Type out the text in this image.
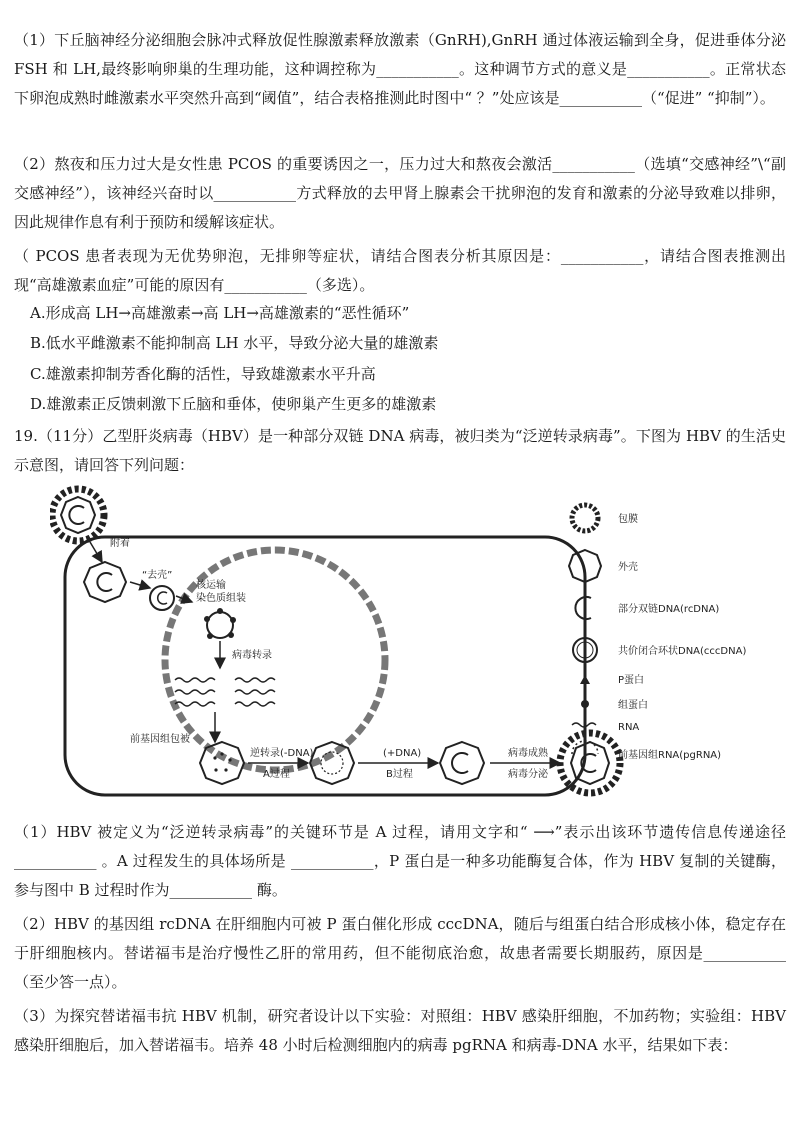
（1）下丘脑神经分泌细胞会脉冲式释放促性腺激素释放激素（GnRH),GnRH 通过体液运输到全身，促进垂体分泌 FSH 和 LH,最终影响卵巢的生理功能，这种调控称为___________。这种调节方式的意义是___________。正常状态下卵泡成熟时雌激素水平突然升高到“阈值”，结合表格推测此时图中“ ？”处应该是___________（“促进” “抑制”）。
（2）熬夜和压力过大是女性患 PCOS 的重要诱因之一，压力过大和熬夜会激活___________（选填“交感神经”\“副交感神经”），该神经兴奋时以___________方式释放的去甲肾上腺素会干扰卵泡的发育和激素的分泌导致难以排卵，因此规律作息有利于预防和缓解该症状。
（ PCOS 患者表现为无优势卵泡，无排卵等症状，请结合图表分析其原因是：___________，请结合图表推测出现“高雄激素血症”可能的原因有___________（多选）。
A.形成高 LH→高雄激素→高 LH→高雄激素的“恶性循环”
B.低水平雌激素不能抑制高 LH 水平，导致分泌大量的雄激素
C.雄激素抑制芳香化酶的活性，导致雄激素水平升高
D.雄激素正反馈刺激下丘脑和垂体，使卵巢产生更多的雄激素
19.（11分）乙型肝炎病毒（HBV）是一种部分双链 DNA 病毒，被归类为“泛逆转录病毒”。下图为 HBV 的生活史示意图，请回答下列问题：
附着
“去壳”
核运输
染色质组装
病毒转录
前基因组包被
逆转录(-DNA)
A过程
(+DNA)
B过程
病毒成熟
病毒分泌
包膜
外壳
部分双链DNA(rcDNA)
共价闭合环状DNA(cccDNA)
P蛋白
组蛋白
RNA
前基因组RNA(pgRNA)
（1）HBV 被定义为“泛逆转录病毒”的关键环节是 A 过程，请用文字和“ ⟶”表示出该环节遗传信息传递途径 ___________ 。A 过程发生的具体场所是 ___________，P 蛋白是一种多功能酶复合体，作为 HBV 复制的关键酶，参与图中 B 过程时作为___________ 酶。
（2）HBV 的基因组 rcDNA 在肝细胞内可被 P 蛋白催化形成 cccDNA，随后与组蛋白结合形成核小体，稳定存在于肝细胞核内。替诺福韦是治疗慢性乙肝的常用药，但不能彻底治愈，故患者需要长期服药，原因是___________（至少答一点）。
（3）为探究替诺福韦抗 HBV 机制，研究者设计以下实验：对照组：HBV 感染肝细胞，不加药物；实验组：HBV 感染肝细胞后，加入替诺福韦。培养 48 小时后检测细胞内的病毒 pgRNA 和病毒-DNA 水平，结果如下表：
